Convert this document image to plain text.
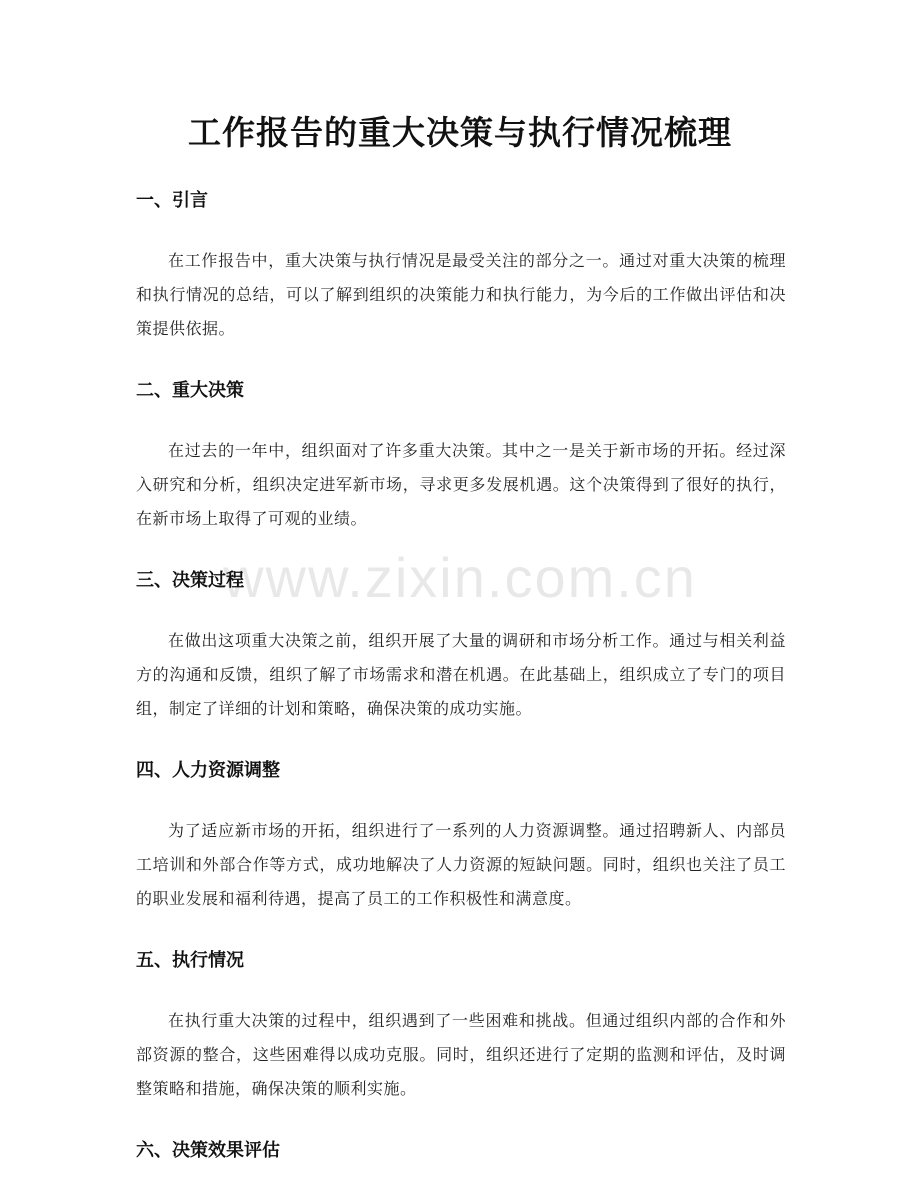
工作报告的重大决策与执行情况梳理
一、引言

在工作报告中，重大决策与执行情况是最受关注的部分之一。通过对重大决策的梳理和执行情况的总结，可以了解到组织的决策能力和执行能力，为今后的工作做出评估和决策提供依据。

二、重大决策

在过去的一年中，组织面对了许多重大决策。其中之一是关于新市场的开拓。经过深入研究和分析，组织决定进军新市场，寻求更多发展机遇。这个决策得到了很好的执行，在新市场上取得了可观的业绩。

三、决策过程

在做出这项重大决策之前，组织开展了大量的调研和市场分析工作。通过与相关利益方的沟通和反馈，组织了解了市场需求和潜在机遇。在此基础上，组织成立了专门的项目组，制定了详细的计划和策略，确保决策的成功实施。

四、人力资源调整

为了适应新市场的开拓，组织进行了一系列的人力资源调整。通过招聘新人、内部员工培训和外部合作等方式，成功地解决了人力资源的短缺问题。同时，组织也关注了员工的职业发展和福利待遇，提高了员工的工作积极性和满意度。

五、执行情况

在执行重大决策的过程中，组织遇到了一些困难和挑战。但通过组织内部的合作和外部资源的整合，这些困难得以成功克服。同时，组织还进行了定期的监测和评估，及时调整策略和措施，确保决策的顺利实施。

六、决策效果评估
www.zixin.com.cn
